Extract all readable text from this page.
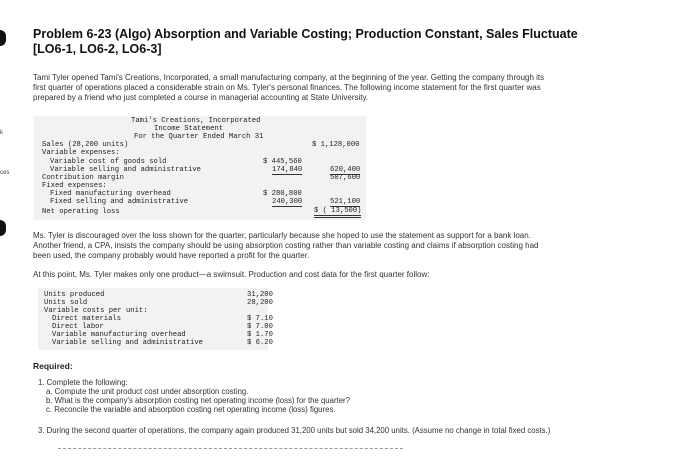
k
ces
Problem 6-23 (Algo) Absorption and Variable Costing; Production Constant, Sales Fluctuate [LO6-1, LO6-2, LO6-3]
Tami Tyler opened Tami's Creations, Incorporated, a small manufacturing company, at the beginning of the year. Getting the company through its first quarter of operations placed a considerable strain on Ms. Tyler's personal finances. The following income statement for the first quarter was prepared by a friend who just completed a course in managerial accounting at State University.
Tami's Creations, Incorporated
Income Statement
For the Quarter Ended March 31
Sales (28,200 units)	$ 1,128,000
Variable expenses:
Variable cost of goods sold	$ 445,560
Variable selling and administrative	174,840	620,400
Contribution margin	507,600
Fixed expenses:
Fixed manufacturing overhead	$ 280,800
Fixed selling and administrative	240,300	521,100
Net operating loss	$ ( 13,500)
Ms. Tyler is discouraged over the loss shown for the quarter, particularly because she hoped to use the statement as support for a bank loan. Another friend, a CPA, insists the company should be using absorption costing rather than variable costing and claims if absorption costing had been used, the company probably would have reported a profit for the quarter.
At this point, Ms. Tyler makes only one product—a swimsuit. Production and cost data for the first quarter follow:
Units produced	31,200
Units sold	28,200
Variable costs per unit:
Direct materials	$ 7.10
Direct labor	$ 7.00
Variable manufacturing overhead	$ 1.70
Variable selling and administrative	$ 6.20
Required:
1. Complete the following:
a. Compute the unit product cost under absorption costing.
b. What is the company's absorption costing net operating income (loss) for the quarter?
c. Reconcile the variable and absorption costing net operating income (loss) figures.
3. During the second quarter of operations, the company again produced 31,200 units but sold 34,200 units. (Assume no change in total fixed costs.)
